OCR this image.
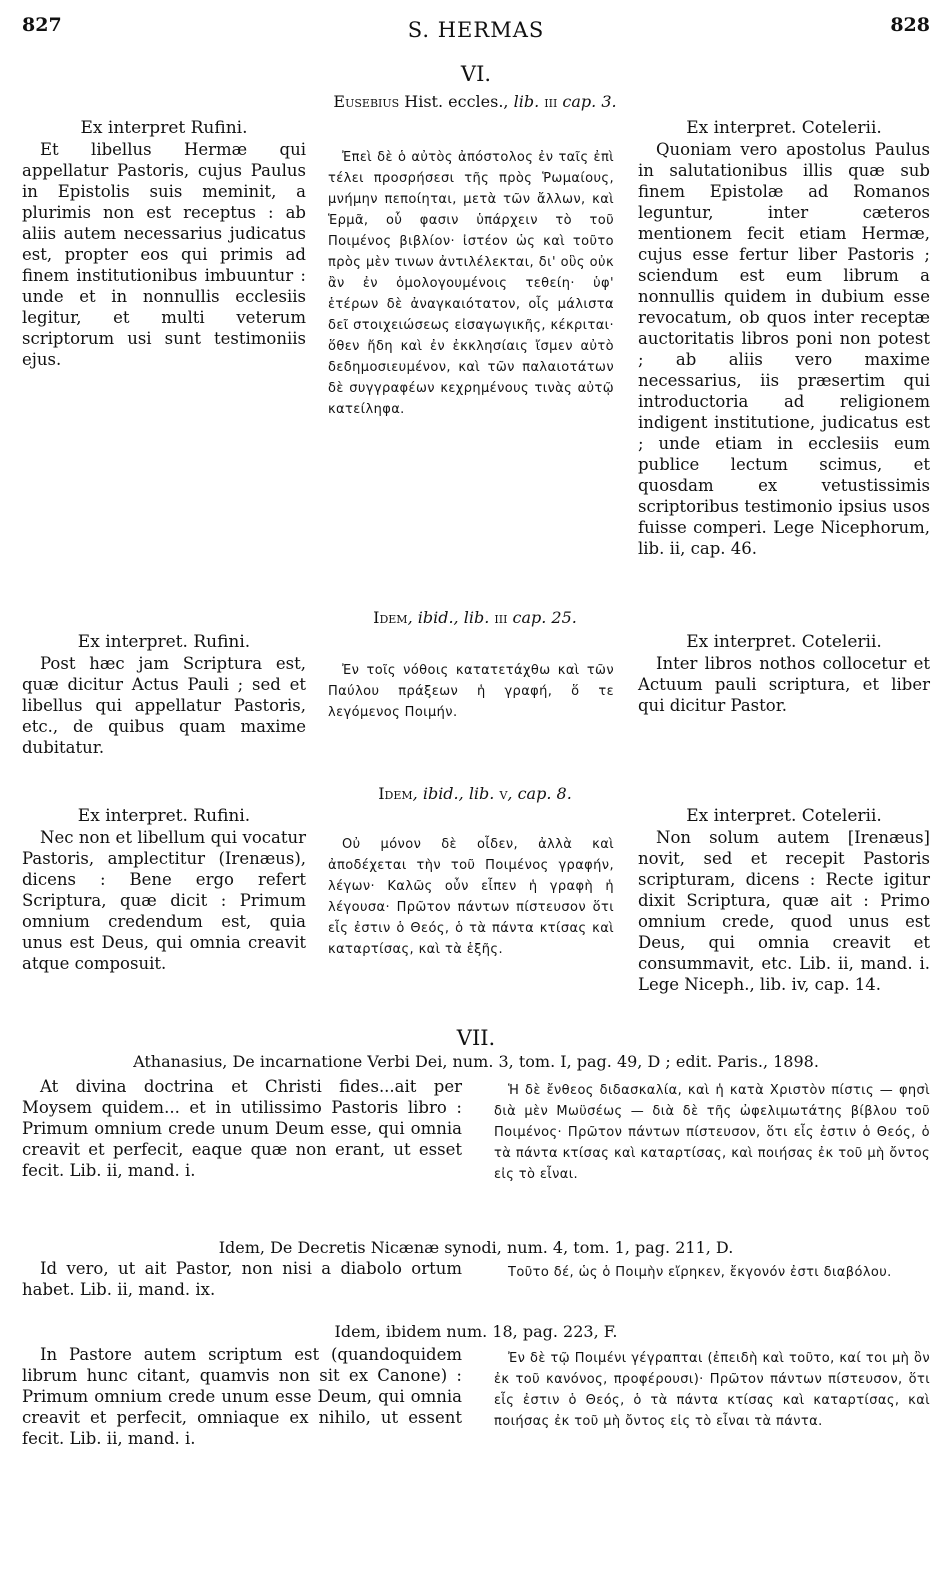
827	S. HERMAS	828
VI.
Eusebius Hist. eccles., lib. iii cap. 3.
Ex interpret Rufini.

Et libellus Hermæ qui appellatur Pastoris, cujus Paulus in Epistolis suis meminit, a plurimis non est receptus : ab aliis autem necessarius judicatus est, propter eos qui primis ad finem institutionibus imbuuntur : unde et in nonnullis ecclesiis legitur, et multi veterum scriptorum usi sunt testimoniis ejus.

Ἐπεὶ δὲ ὁ αὐτὸς ἀπόστολος ἐν ταῖς ἐπὶ τέλει προσρήσεσι τῆς πρὸς Ῥωμαίους, μνήμην πεποίηται, μετὰ τῶν ἄλλων, καὶ Ἑρμᾶ, οὗ φασιν ὑπάρχειν τὸ τοῦ Ποιμένος βιβλίον· ἰστέον ὡς καὶ τοῦτο πρὸς μὲν τινων ἀντιλέλεκται, δι' οὓς οὐκ ἂν ἐν ὁμολογουμένοις τεθείη· ὑφ' ἑτέρων δὲ ἀναγκαιότατον, οἷς μάλιστα δεῖ στοιχειώσεως εἰσαγωγικῆς, κέκριται· ὅθεν ἤδη καὶ ἐν ἐκκλησίαις ἴσμεν αὐτὸ δεδημοσιευμένον, καὶ τῶν παλαιοτάτων δὲ συγγραφέων κεχρημένους τινὰς αὐτῷ κατείληφα.

Ex interpret. Cotelerii.

Quoniam vero apostolus Paulus in salutationibus illis quæ sub finem Epistolæ ad Romanos leguntur, inter cæteros mentionem fecit etiam Hermæ, cujus esse fertur liber Pastoris ; sciendum est eum librum a nonnullis quidem in dubium esse revocatum, ob quos inter receptæ auctoritatis libros poni non potest ; ab aliis vero maxime necessarius, iis præsertim qui introductoria ad religionem indigent institutione, judicatus est ; unde etiam in ecclesiis eum publice lectum scimus, et quosdam ex vetustissimis scriptoribus testimonio ipsius usos fuisse comperi. Lege Nicephorum, lib. ii, cap. 46.

Idem, ibid., lib. iii cap. 25.
Ex interpret. Rufini.

Post hæc jam Scriptura est, quæ dicitur Actus Pauli ; sed et libellus qui appellatur Pastoris, etc., de quibus quam maxime dubitatur.

Ἐν τοῖς νόθοις κατατετάχθω καὶ τῶν Παύλου πράξεων ἡ γραφή, ὅ τε λεγόμενος Ποιμήν.

Ex interpret. Cotelerii.

Inter libros nothos collocetur et Actuum pauli scriptura, et liber qui dicitur Pastor.

Idem, ibid., lib. v, cap. 8.
Ex interpret. Rufini.

Nec non et libellum qui vocatur Pastoris, amplectitur (Irenæus), dicens : Bene ergo refert Scriptura, quæ dicit : Primum omnium credendum est, quia unus est Deus, qui omnia creavit atque composuit.

Οὐ μόνον δὲ οἶδεν, ἀλλὰ καὶ ἀποδέχεται τὴν τοῦ Ποιμένος γραφήν, λέγων· Καλῶς οὖν εἶπεν ἡ γραφὴ ἡ λέγουσα· Πρῶτον πάντων πίστευσον ὅτι εἷς ἐστιν ὁ Θεός, ὁ τὰ πάντα κτίσας καὶ καταρτίσας, καὶ τὰ ἑξῆς.

Ex interpret. Cotelerii.

Non solum autem [Irenæus] novit, sed et recepit Pastoris scripturam, dicens : Recte igitur dixit Scriptura, quæ ait : Primo omnium crede, quod unus est Deus, qui omnia creavit et consummavit, etc. Lib. ii, mand. i. Lege Niceph., lib. iv, cap. 14.

VII.
Athanasius, De incarnatione Verbi Dei, num. 3, tom. I, pag. 49, D ; edit. Paris., 1898.

At divina doctrina et Christi fides...ait per Moysem quidem... et in utilissimo Pastoris libro : Primum omnium crede unum Deum esse, qui omnia creavit et perfecit, eaque quæ non erant, ut esset fecit. Lib. ii, mand. i.

Ἡ δὲ ἔνθεος διδασκαλία, καὶ ἡ κατὰ Χριστὸν πίστις — φησὶ διὰ μὲν Μωϋσέως — διὰ δὲ τῆς ὠφελιμωτάτης βίβλου τοῦ Ποιμένος· Πρῶτον πάντων πίστευσον, ὅτι εἷς ἐστιν ὁ Θεός, ὁ τὰ πάντα κτίσας καὶ καταρτίσας, καὶ ποιήσας ἐκ τοῦ μὴ ὄντος εἰς τὸ εἶναι.

Idem, De Decretis Nicænæ synodi, num. 4, tom. 1, pag. 211, D.

Id vero, ut ait Pastor, non nisi a diabolo ortum habet. Lib. ii, mand. ix.

Τοῦτο δέ, ὡς ὁ Ποιμὴν εἴρηκεν, ἔκγονόν ἐστι διαβόλου.

Idem, ibidem num. 18, pag. 223, F.

In Pastore autem scriptum est (quandoquidem librum hunc citant, quamvis non sit ex Canone) : Primum omnium crede unum esse Deum, qui omnia creavit et perfecit, omniaque ex nihilo, ut essent fecit. Lib. ii, mand. i.

Ἐν δὲ τῷ Ποιμένι γέγραπται (ἐπειδὴ καὶ τοῦτο, καί τοι μὴ ὂν ἐκ τοῦ κανόνος, προφέρουσι)· Πρῶτον πάντων πίστευσον, ὅτι εἷς ἐστιν ὁ Θεός, ὁ τὰ πάντα κτίσας καὶ καταρτίσας, καὶ ποιήσας ἐκ τοῦ μὴ ὄντος εἰς τὸ εἶναι τὰ πάντα.
